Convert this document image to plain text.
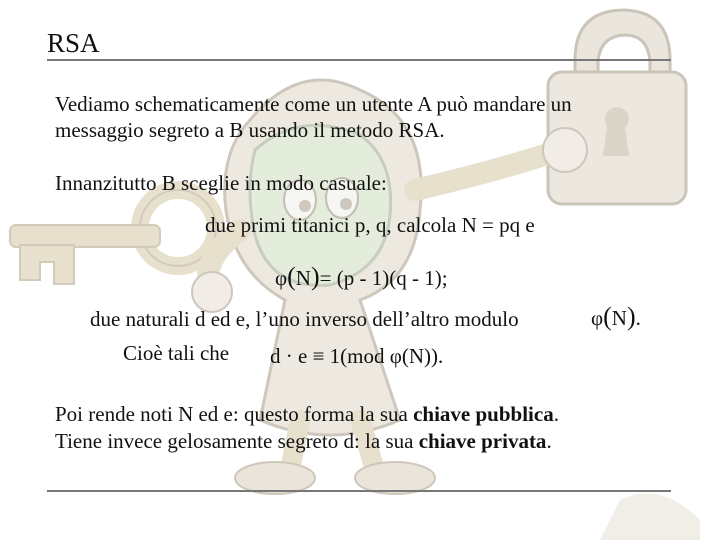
RSA
Vediamo schematicamente come un utente A può mandare un
messaggio segreto a B usando il metodo RSA.
Innanzitutto B sceglie in modo casuale:
due primi titanici p, q, calcola N = pq e
φ(N)= (p - 1)(q - 1);
due naturali d ed e, l’uno inverso dell’altro modulo	φ(N).
Cioè tali che d · e ≡ 1(mod φ(N)).
Poi rende noti N ed e: questo forma la sua chiave pubblica.
Tiene invece gelosamente segreto d: la sua chiave privata.
